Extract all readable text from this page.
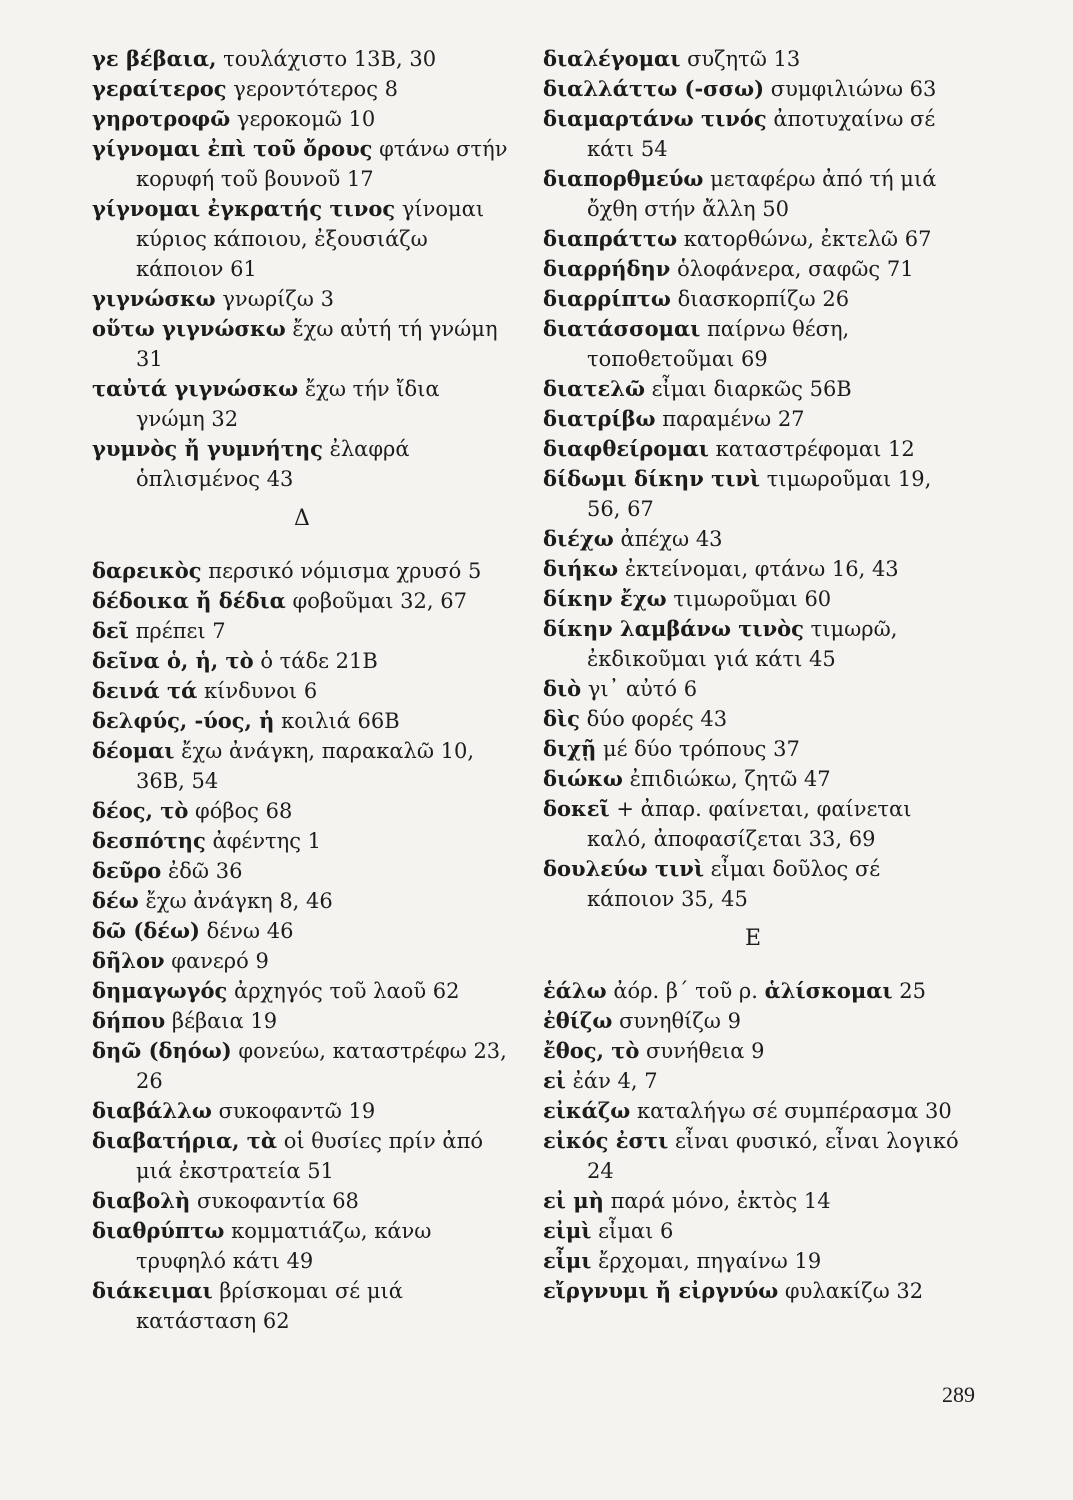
γε βέβαια, τουλάχιστο 13Β, 30

γεραίτερος γεροντότερος 8

γηροτροφῶ γεροκομῶ 10

γίγνομαι ἐπὶ τοῦ ὄρους φτάνω στήν κορυφή τοῦ βουνοῦ 17

γίγνομαι ἐγκρατής τινος γίνομαι κύριος κάποιου, ἐξουσιάζω κάποιον 61

γιγνώσκω γνωρίζω 3

οὕτω γιγνώσκω ἔχω αὐτή τή γνώμη 31

ταὐτά γιγνώσκω ἔχω τήν ἴδια γνώμη 32

γυμνὸς ἤ γυμνήτης ἐλαφρά ὁπλισμένος 43

Δ

δαρεικὸς περσικό νόμισμα χρυσό 5

δέδοικα ἤ δέδια φοβοῦμαι 32, 67

δεῖ πρέπει 7

δεῖνα ὁ, ἡ, τὸ ὁ τάδε 21Β

δεινά τά κίνδυνοι 6

δελφύς, -ύος, ἡ κοιλιά 66Β

δέομαι ἔχω ἀνάγκη, παρακαλῶ 10, 36Β, 54

δέος, τὸ φόβος 68

δεσπότης ἀφέντης 1

δεῦρο ἐδῶ 36

δέω ἔχω ἀνάγκη 8, 46

δῶ (δέω) δένω 46

δῆλον φανερό 9

δημαγωγός ἀρχηγός τοῦ λαοῦ 62

δήπου βέβαια 19

δηῶ (δηόω) φονεύω, καταστρέφω 23, 26

διαβάλλω συκοφαντῶ 19

διαβατήρια, τὰ οἱ θυσίες πρίν ἀπό μιά ἐκστρατεία 51

διαβολὴ συκοφαντία 68

διαθρύπτω κομματιάζω, κάνω τρυφηλό κάτι 49

διάκειμαι βρίσκομαι σέ μιά κατάσταση 62

διαλέγομαι συζητῶ 13

διαλλάττω (-σσω) συμφιλιώνω 63

διαμαρτάνω τινός ἀποτυχαίνω σέ κάτι 54

διαπορθμεύω μεταφέρω ἀπό τή μιά ὄχθη στήν ἄλλη 50

διαπράττω κατορθώνω, ἐκτελῶ 67

διαρρήδην ὁλοφάνερα, σαφῶς 71

διαρρίπτω διασκορπίζω 26

διατάσσομαι παίρνω θέση, τοποθετοῦμαι 69

διατελῶ εἶμαι διαρκῶς 56Β

διατρίβω παραμένω 27

διαφθείρομαι καταστρέφομαι 12

δίδωμι δίκην τινὶ τιμωροῦμαι 19, 56, 67

διέχω ἀπέχω 43

διήκω ἐκτείνομαι, φτάνω 16, 43

δίκην ἔχω τιμωροῦμαι 60

δίκην λαμβάνω τινὸς τιμωρῶ, ἐκδικοῦμαι γιά κάτι 45

διὸ γι᾽ αὐτό 6

δὶς δύο φορές 43

διχῇ μέ δύο τρόπους 37

διώκω ἐπιδιώκω, ζητῶ 47

δοκεῖ + ἀπαρ. φαίνεται, φαίνεται καλό, ἀποφασίζεται 33, 69

δουλεύω τινὶ εἶμαι δοῦλος σέ κάποιον 35, 45

Ε

ἑάλω ἀόρ. β΄ τοῦ ρ. ἁλίσκομαι 25

ἐθίζω συνηθίζω 9

ἔθος, τὸ συνήθεια 9

εἰ ἐάν 4, 7

εἰκάζω καταλήγω σέ συμπέρασμα 30

εἰκός ἐστι εἶναι φυσικό, εἶναι λογικό 24

εἰ μὴ παρά μόνο, ἐκτὸς 14

εἰμὶ εἶμαι 6

εἶμι ἔρχομαι, πηγαίνω 19

εἴργνυμι ἤ εἰργνύω φυλακίζω 32

289
